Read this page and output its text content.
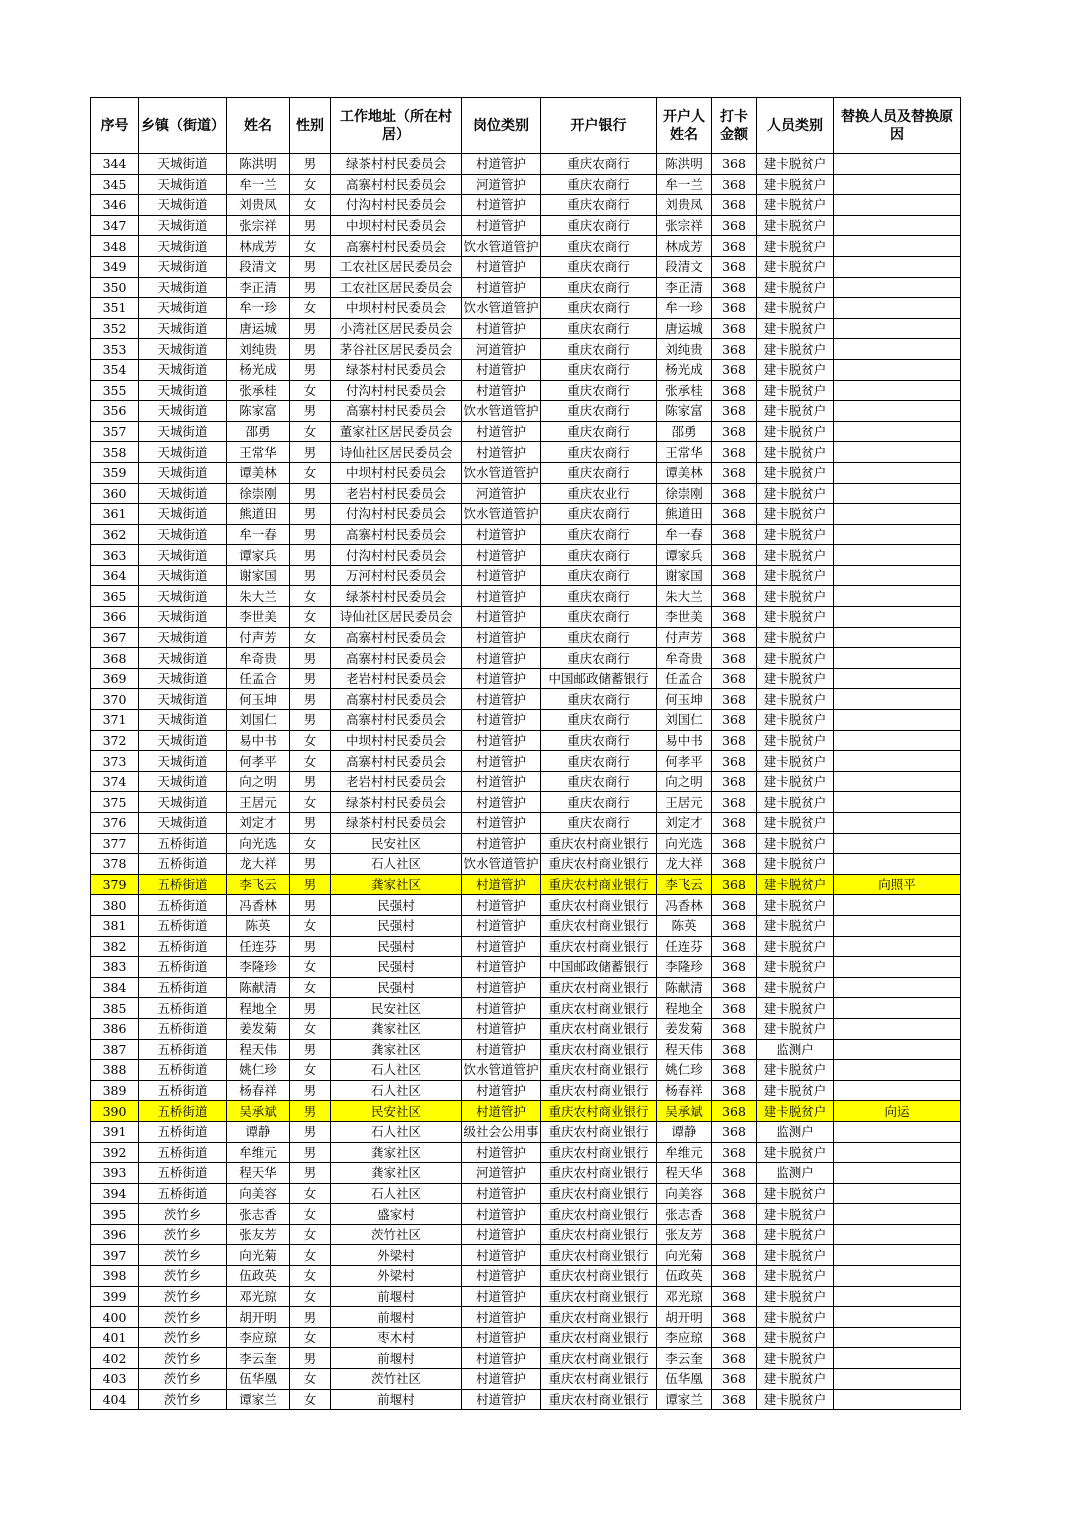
序号	乡镇（街道）	姓名	性别	工作地址（所在村居）	岗位类别	开户银行	开户人姓名	打卡金额	人员类别	替换人员及替换原因

344	天城街道	陈洪明	男	绿茶村村民委员会	村道管护	重庆农商行	陈洪明	368	建卡脱贫户	
345	天城街道	牟一兰	女	高寨村村民委员会	河道管护	重庆农商行	牟一兰	368	建卡脱贫户	
346	天城街道	刘贵凤	女	付沟村村民委员会	村道管护	重庆农商行	刘贵凤	368	建卡脱贫户	
347	天城街道	张宗祥	男	中坝村村民委员会	村道管护	重庆农商行	张宗祥	368	建卡脱贫户	
348	天城街道	林成芳	女	高寨村村民委员会	饮水管道管护	重庆农商行	林成芳	368	建卡脱贫户	
349	天城街道	段清文	男	工农社区居民委员会	村道管护	重庆农商行	段清文	368	建卡脱贫户	
350	天城街道	李正清	男	工农社区居民委员会	村道管护	重庆农商行	李正清	368	建卡脱贫户	
351	天城街道	牟一珍	女	中坝村村民委员会	饮水管道管护	重庆农商行	牟一珍	368	建卡脱贫户	
352	天城街道	唐运城	男	小湾社区居民委员会	村道管护	重庆农商行	唐运城	368	建卡脱贫户	
353	天城街道	刘纯贵	男	茅谷社区居民委员会	河道管护	重庆农商行	刘纯贵	368	建卡脱贫户	
354	天城街道	杨光成	男	绿茶村村民委员会	村道管护	重庆农商行	杨光成	368	建卡脱贫户	
355	天城街道	张承桂	女	付沟村村民委员会	村道管护	重庆农商行	张承桂	368	建卡脱贫户	
356	天城街道	陈家富	男	高寨村村民委员会	饮水管道管护	重庆农商行	陈家富	368	建卡脱贫户	
357	天城街道	邵勇	女	董家社区居民委员会	村道管护	重庆农商行	邵勇	368	建卡脱贫户	
358	天城街道	王常华	男	诗仙社区居民委员会	村道管护	重庆农商行	王常华	368	建卡脱贫户	
359	天城街道	谭美林	女	中坝村村民委员会	饮水管道管护	重庆农商行	谭美林	368	建卡脱贫户	
360	天城街道	徐崇刚	男	老岩村村民委员会	河道管护	重庆农业行	徐崇刚	368	建卡脱贫户	
361	天城街道	熊道田	男	付沟村村民委员会	饮水管道管护	重庆农商行	熊道田	368	建卡脱贫户	
362	天城街道	牟一春	男	高寨村村民委员会	村道管护	重庆农商行	牟一春	368	建卡脱贫户	
363	天城街道	谭家兵	男	付沟村村民委员会	村道管护	重庆农商行	谭家兵	368	建卡脱贫户	
364	天城街道	谢家国	男	万河村村民委员会	村道管护	重庆农商行	谢家国	368	建卡脱贫户	
365	天城街道	朱大兰	女	绿茶村村民委员会	村道管护	重庆农商行	朱大兰	368	建卡脱贫户	
366	天城街道	李世美	女	诗仙社区居民委员会	村道管护	重庆农商行	李世美	368	建卡脱贫户	
367	天城街道	付声芳	女	高寨村村民委员会	村道管护	重庆农商行	付声芳	368	建卡脱贫户	
368	天城街道	牟奇贵	男	高寨村村民委员会	村道管护	重庆农商行	牟奇贵	368	建卡脱贫户	
369	天城街道	任孟合	男	老岩村村民委员会	村道管护	中国邮政储蓄银行	任孟合	368	建卡脱贫户	
370	天城街道	何玉坤	男	高寨村村民委员会	村道管护	重庆农商行	何玉坤	368	建卡脱贫户	
371	天城街道	刘国仁	男	高寨村村民委员会	村道管护	重庆农商行	刘国仁	368	建卡脱贫户	
372	天城街道	易中书	女	中坝村村民委员会	村道管护	重庆农商行	易中书	368	建卡脱贫户	
373	天城街道	何孝平	女	高寨村村民委员会	村道管护	重庆农商行	何孝平	368	建卡脱贫户	
374	天城街道	向之明	男	老岩村村民委员会	村道管护	重庆农商行	向之明	368	建卡脱贫户	
375	天城街道	王居元	女	绿茶村村民委员会	村道管护	重庆农商行	王居元	368	建卡脱贫户	
376	天城街道	刘定才	男	绿茶村村民委员会	村道管护	重庆农商行	刘定才	368	建卡脱贫户	
377	五桥街道	向光选	女	民安社区	村道管护	重庆农村商业银行	向光选	368	建卡脱贫户	
378	五桥街道	龙大祥	男	石人社区	饮水管道管护	重庆农村商业银行	龙大祥	368	建卡脱贫户	
379	五桥街道	李飞云	男	龚家社区	村道管护	重庆农村商业银行	李飞云	368	建卡脱贫户	向照平
380	五桥街道	冯香林	男	民强村	村道管护	重庆农村商业银行	冯香林	368	建卡脱贫户	
381	五桥街道	陈英	女	民强村	村道管护	重庆农村商业银行	陈英	368	建卡脱贫户	
382	五桥街道	任连芬	男	民强村	村道管护	重庆农村商业银行	任连芬	368	建卡脱贫户	
383	五桥街道	李隆珍	女	民强村	村道管护	中国邮政储蓄银行	李隆珍	368	建卡脱贫户	
384	五桥街道	陈献清	女	民强村	村道管护	重庆农村商业银行	陈献清	368	建卡脱贫户	
385	五桥街道	程地全	男	民安社区	村道管护	重庆农村商业银行	程地全	368	建卡脱贫户	
386	五桥街道	姜发菊	女	龚家社区	村道管护	重庆农村商业银行	姜发菊	368	建卡脱贫户	
387	五桥街道	程天伟	男	龚家社区	村道管护	重庆农村商业银行	程天伟	368	监测户	
388	五桥街道	姚仁珍	女	石人社区	饮水管道管护	重庆农村商业银行	姚仁珍	368	建卡脱贫户	
389	五桥街道	杨春祥	男	石人社区	村道管护	重庆农村商业银行	杨春祥	368	建卡脱贫户	
390	五桥街道	吴承斌	男	民安社区	村道管护	重庆农村商业银行	吴承斌	368	建卡脱贫户	向运
391	五桥街道	谭静	男	石人社区	级社会公用事	重庆农村商业银行	谭静	368	监测户	
392	五桥街道	牟维元	男	龚家社区	村道管护	重庆农村商业银行	牟维元	368	建卡脱贫户	
393	五桥街道	程天华	男	龚家社区	河道管护	重庆农村商业银行	程天华	368	监测户	
394	五桥街道	向美容	女	石人社区	村道管护	重庆农村商业银行	向美容	368	建卡脱贫户	
395	茨竹乡	张志香	女	盛家村	村道管护	重庆农村商业银行	张志香	368	建卡脱贫户	
396	茨竹乡	张友芳	女	茨竹社区	村道管护	重庆农村商业银行	张友芳	368	建卡脱贫户	
397	茨竹乡	向光菊	女	外梁村	村道管护	重庆农村商业银行	向光菊	368	建卡脱贫户	
398	茨竹乡	伍政英	女	外梁村	村道管护	重庆农村商业银行	伍政英	368	建卡脱贫户	
399	茨竹乡	邓光琼	女	前堰村	村道管护	重庆农村商业银行	邓光琼	368	建卡脱贫户	
400	茨竹乡	胡开明	男	前堰村	村道管护	重庆农村商业银行	胡开明	368	建卡脱贫户	
401	茨竹乡	李应琼	女	枣木村	村道管护	重庆农村商业银行	李应琼	368	建卡脱贫户	
402	茨竹乡	李云奎	男	前堰村	村道管护	重庆农村商业银行	李云奎	368	建卡脱贫户	
403	茨竹乡	伍华凰	女	茨竹社区	村道管护	重庆农村商业银行	伍华凰	368	建卡脱贫户	
404	茨竹乡	谭家兰	女	前堰村	村道管护	重庆农村商业银行	谭家兰	368	建卡脱贫户	
